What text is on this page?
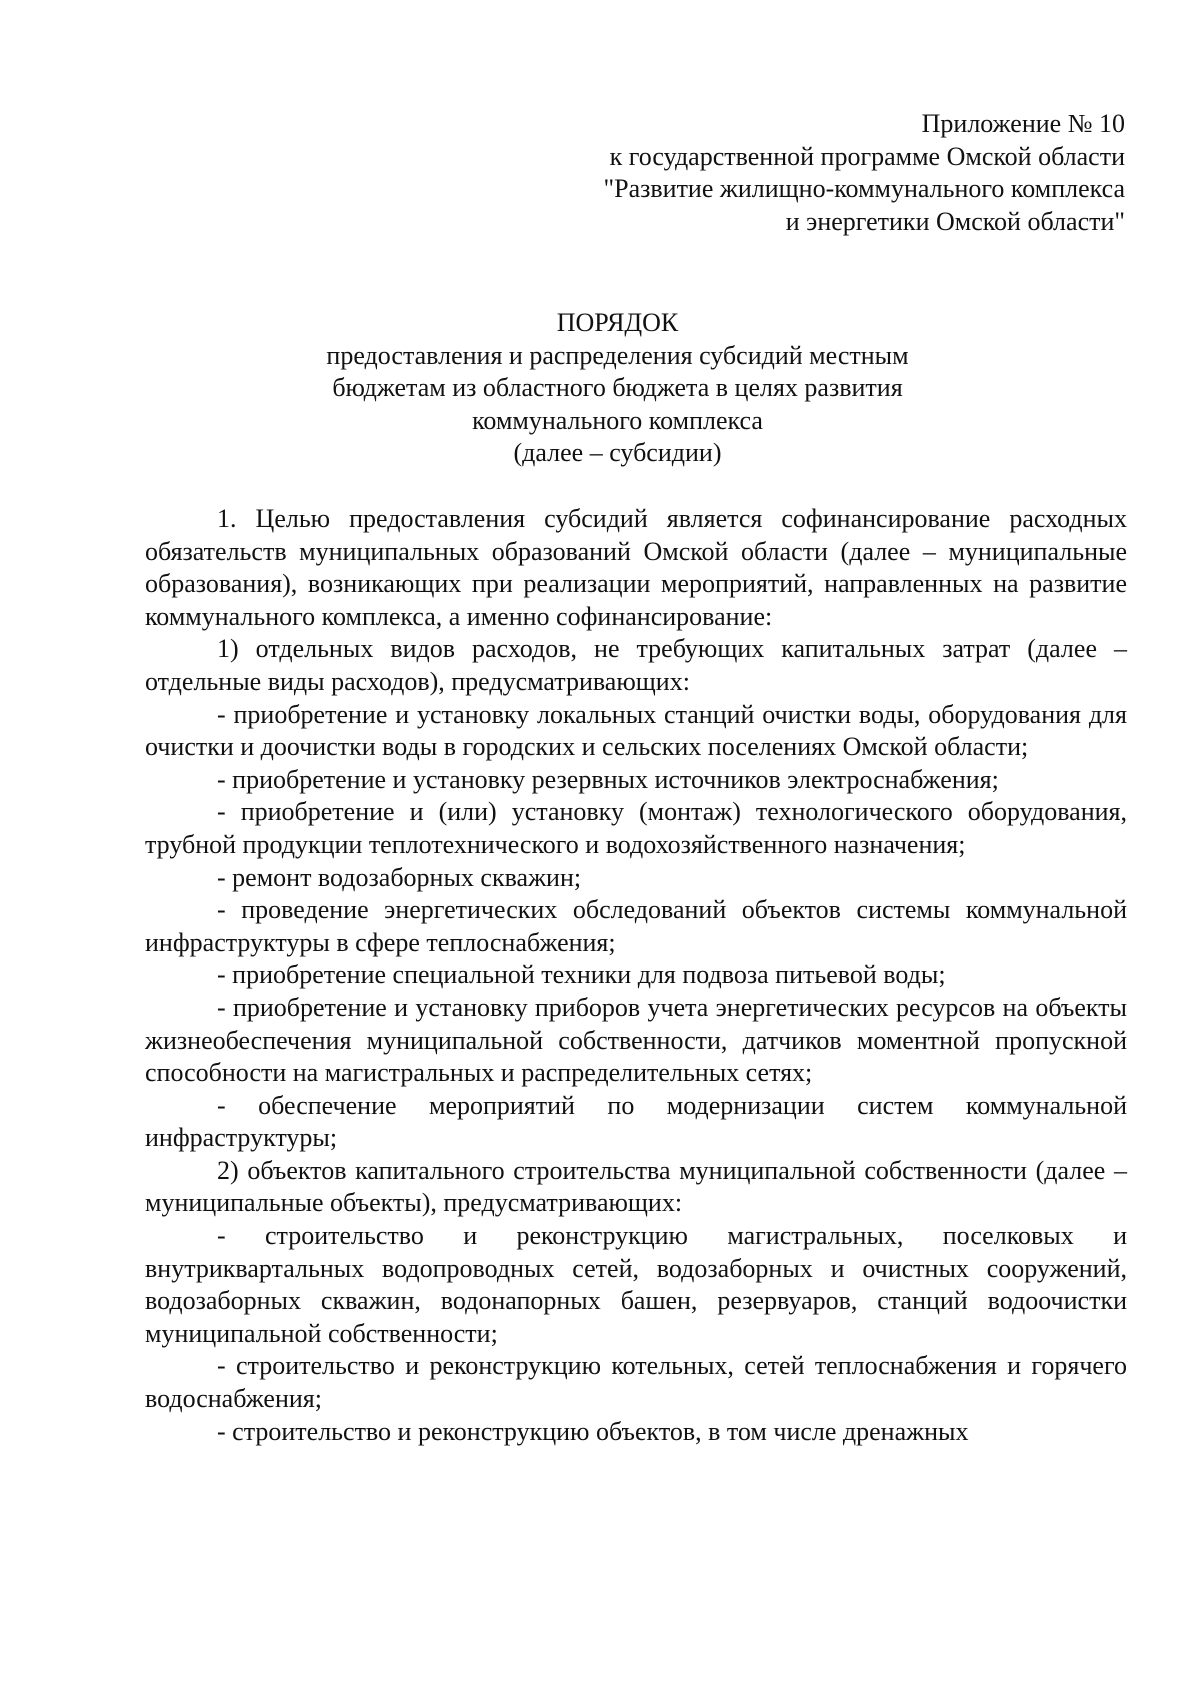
Приложение № 10
к государственной программе Омской области
"Развитие жилищно-коммунального комплекса
и энергетики Омской области"
ПОРЯДОК
предоставления и распределения субсидий местным
бюджетам из областного бюджета в целях развития
коммунального комплекса
(далее – субсидии)

1. Целью предоставления субсидий является софинансирование расходных обязательств муниципальных образований Омской области (далее – муниципальные образования), возникающих при реализации мероприятий, направленных на развитие коммунального комплекса, а именно софинансирование:

1) отдельных видов расходов, не требующих капитальных затрат (далее – отдельные виды расходов), предусматривающих:

- приобретение и установку локальных станций очистки воды, оборудования для очистки и доочистки воды в городских и сельских поселениях Омской области;

- приобретение и установку резервных источников электроснабжения;

- приобретение и (или) установку (монтаж) технологического оборудования, трубной продукции теплотехнического и водохозяйственного назначения;

- ремонт водозаборных скважин;

- проведение энергетических обследований объектов системы коммунальной инфраструктуры в сфере теплоснабжения;

- приобретение специальной техники для подвоза питьевой воды;

- приобретение и установку приборов учета энергетических ресурсов на объекты жизнеобеспечения муниципальной собственности, датчиков моментной пропускной способности на магистральных и распределительных сетях;

- обеспечение мероприятий по модернизации систем коммунальной инфраструктуры;

2) объектов капитального строительства муниципальной собственности (далее – муниципальные объекты), предусматривающих:

- строительство и реконструкцию магистральных, поселковых и внутриквартальных водопроводных сетей, водозаборных и очистных сооружений, водозаборных скважин, водонапорных башен, резервуаров, станций водоочистки муниципальной собственности;

- строительство и реконструкцию котельных, сетей теплоснабжения и горячего водоснабжения;

- строительство и реконструкцию объектов, в том числе дренажных
